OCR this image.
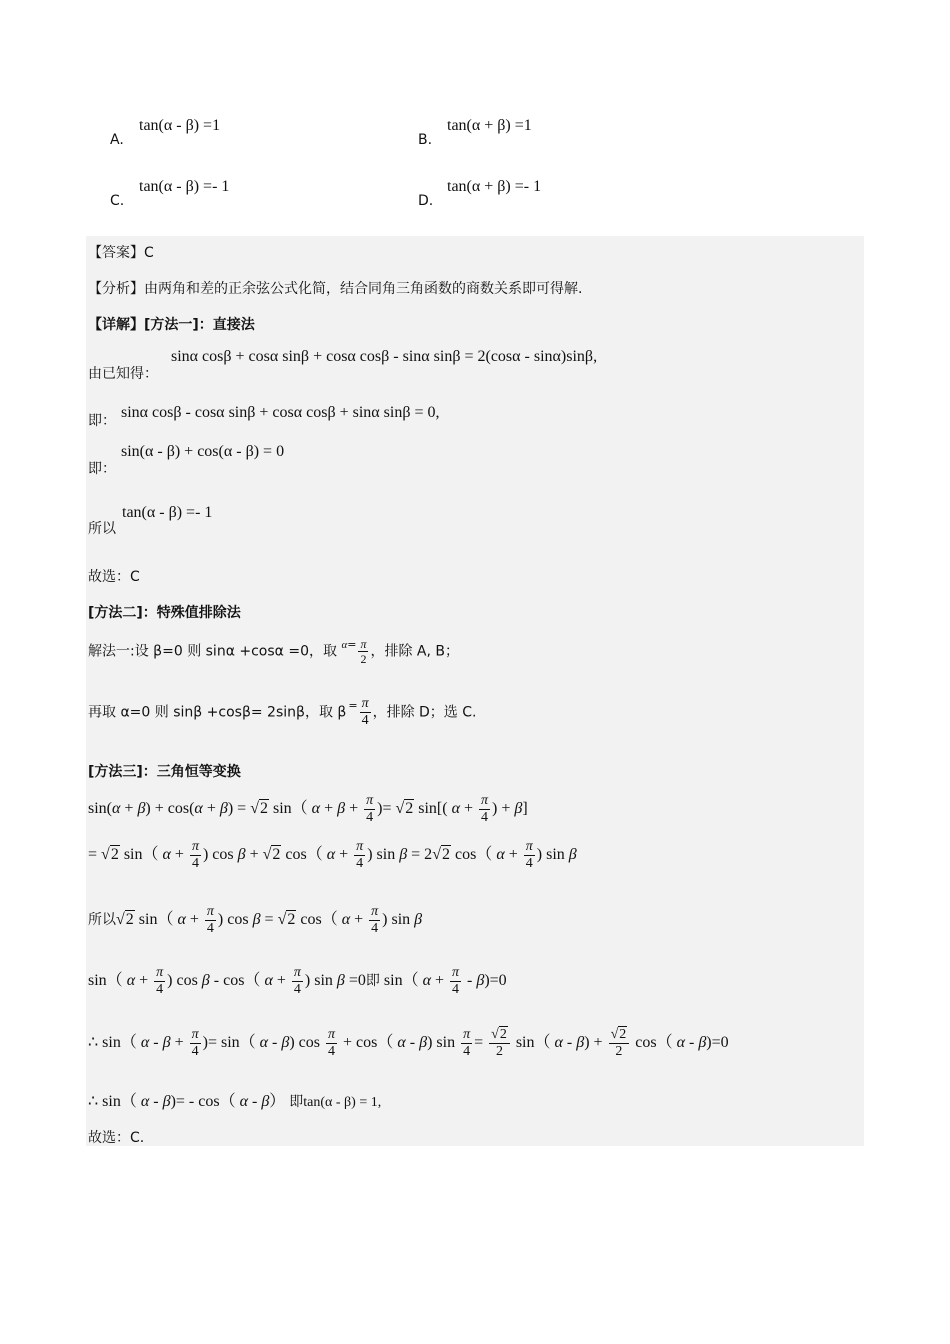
A.
tan(α - β) =1
B.
tan(α + β) =1
C.
tan(α - β) =- 1
D.
tan(α + β) =- 1
【答案】C
【分析】由两角和差的正余弦公式化简，结合同角三角函数的商数关系即可得解.
【详解】[方法一]：直接法
由已知得：
sinα cosβ + cosα sinβ + cosα cosβ - sinα sinβ = 2(cosα - sinα)sinβ,
即： sinα cosβ - cosα sinβ + cosα cosβ + sinα sinβ = 0,
即：
sin(α - β) + cos(α - β) = 0
所以
tan(α - β) =- 1
故选：C
[方法二]：特殊值排除法
解法一:设 β=0 则 sinα +cosα =0，取 $^{\alpha=} \frac{\pi}{2}$ ，排除 A, B；
再取 α=0 则 sinβ +cosβ= 2sinβ，取 β $^= \frac{\pi}{4}$ ，排除 D；选 C.
[方法三]：三角恒等变换
sin(α + β) + cos(α + β) = √2 sin（ $\alpha + \beta + \frac{\pi}{4}$ )= √2 sin[( $\alpha + \frac{\pi}{4}$ ) + β]
= √2 sin（ $\alpha + \frac{\pi}{4}$ ) cos β + √2 cos（ $\alpha + \frac{\pi}{4}$ ) sin β = 2√2 cos（ $\alpha + \frac{\pi}{4}$ ) sin β
所以√2 sin（ $\alpha + \frac{\pi}{4}$ ) cos β = √2 cos（ $\alpha + \frac{\pi}{4}$ ) sin β
sin（ $\alpha + \frac{\pi}{4}$ ) cos β - cos（ $\alpha + \frac{\pi}{4}$ ) sin β =0即 sin（ $\alpha + \frac{\pi}{4} - \beta)=0$
∴ sin（ $\alpha - \beta + \frac{\pi}{4}$ )= sin（ α - β) $\cos \frac{\pi}{4} + \cos$（ α - β) $\sin \frac{\pi}{4} = \frac{√2}{2} \sin$（ $\alpha - \beta) + \frac{√2}{2} \cos$（ α - β)=0
∴ sin（ α - β)= - cos（ α - β） 即tan(α - β) = 1,
故选：C.
